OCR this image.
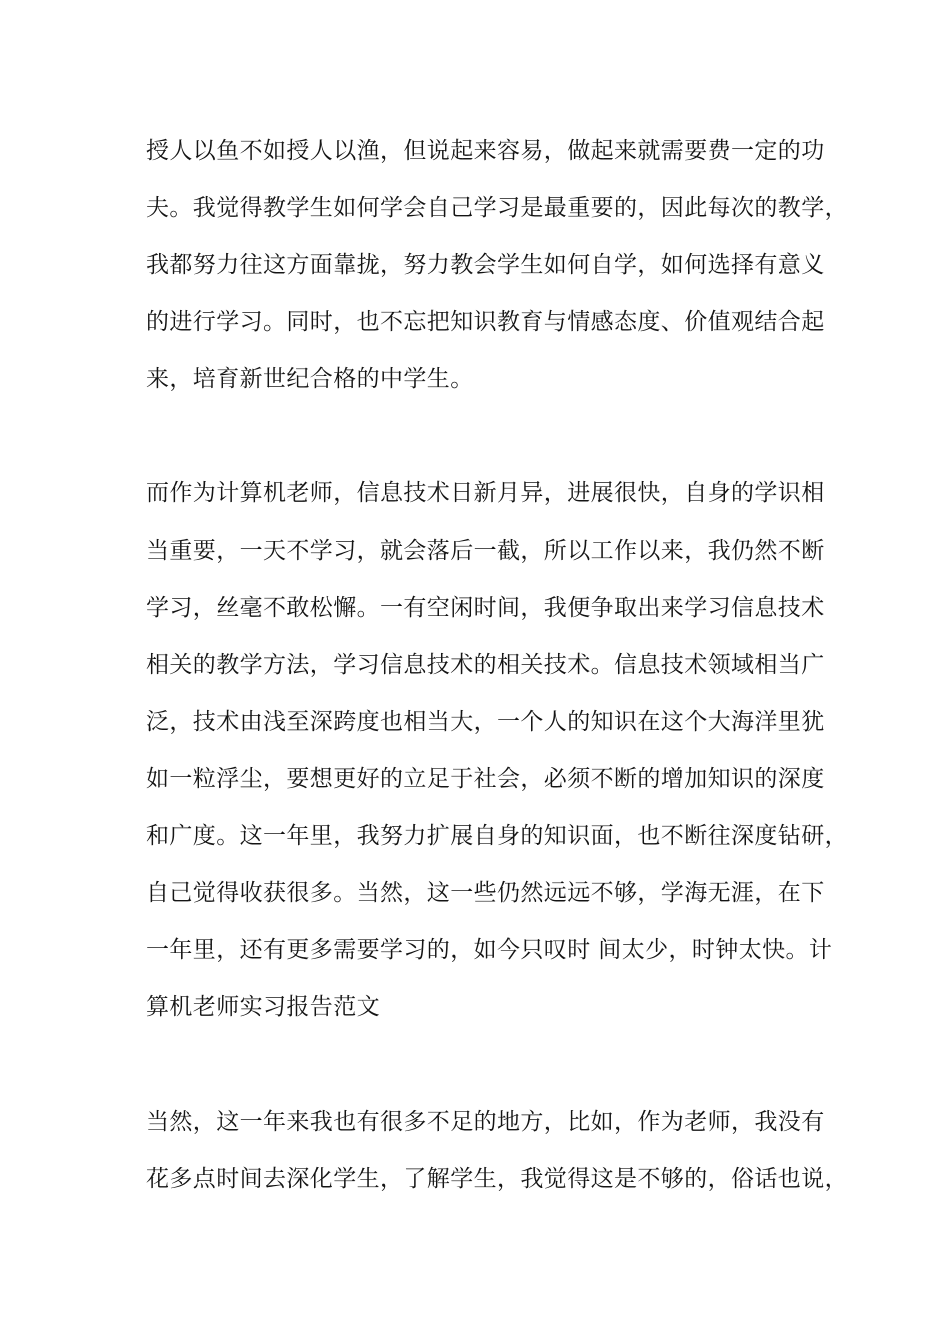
授人以鱼不如授人以渔，但说起来容易，做起来就需要费一定的功
夫。我觉得教学生如何学会自己学习是最重要的，因此每次的教学，
我都努力往这方面靠拢，努力教会学生如何自学，如何选择有意义
的进行学习。同时，也不忘把知识教育与情感态度、价值观结合起
来，培育新世纪合格的中学生。
而作为计算机老师，信息技术日新月异，进展很快，自身的学识相
当重要，一天不学习，就会落后一截，所以工作以来，我仍然不断
学习，丝毫不敢松懈。一有空闲时间，我便争取出来学习信息技术
相关的教学方法，学习信息技术的相关技术。信息技术领域相当广
泛，技术由浅至深跨度也相当大，一个人的知识在这个大海洋里犹
如一粒浮尘，要想更好的立足于社会，必须不断的增加知识的深度
和广度。这一年里，我努力扩展自身的知识面，也不断往深度钻研，
自己觉得收获很多。当然，这一些仍然远远不够，学海无涯，在下
一年里，还有更多需要学习的，如今只叹时 间太少，时钟太快。计
算机老师实习报告范文
当然，这一年来我也有很多不足的地方，比如，作为老师，我没有
花多点时间去深化学生，了解学生，我觉得这是不够的，俗话也说，
